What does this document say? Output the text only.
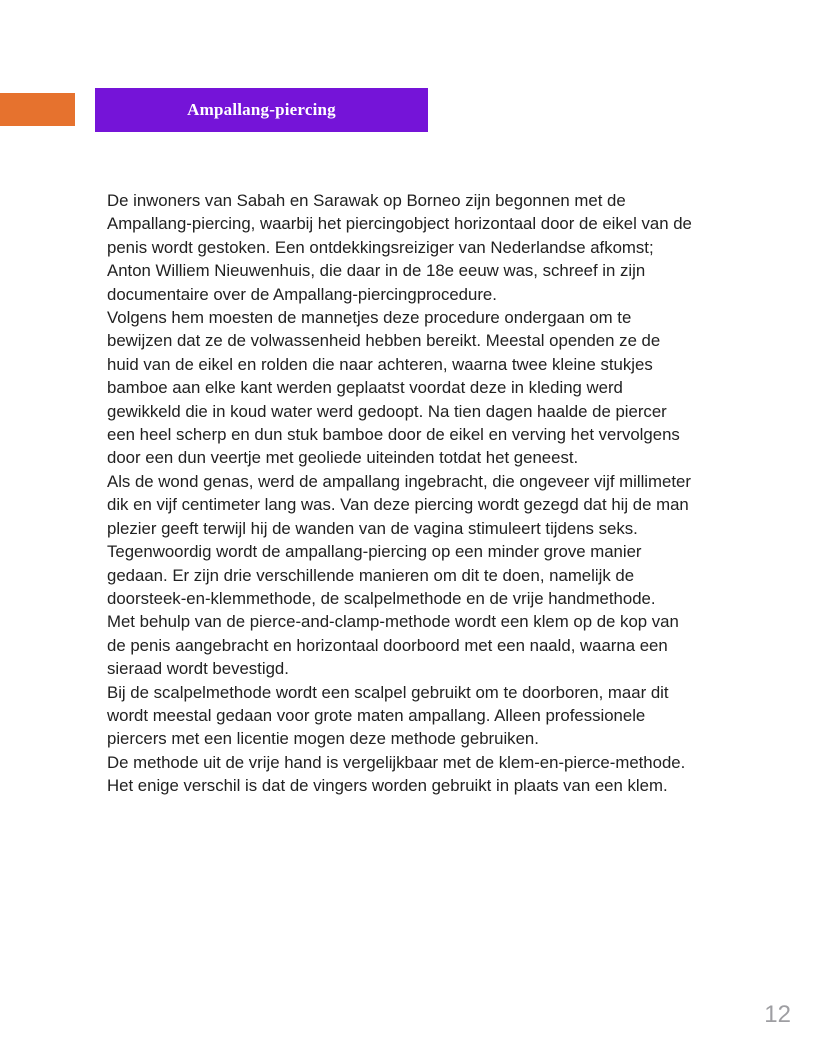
Ampallang-piercing

De inwoners van Sabah en Sarawak op Borneo zijn begonnen met de Ampallang-piercing, waarbij het piercingobject horizontaal door de eikel van de penis wordt gestoken. Een ontdekkingsreiziger van Nederlandse afkomst; Anton Williem Nieuwenhuis, die daar in de 18e eeuw was, schreef in zijn documentaire over de Ampallang-piercingprocedure.

Volgens hem moesten de mannetjes deze procedure ondergaan om te bewijzen dat ze de volwassenheid hebben bereikt. Meestal openden ze de huid van de eikel en rolden die naar achteren, waarna twee kleine stukjes bamboe aan elke kant werden geplaatst voordat deze in kleding werd gewikkeld die in koud water werd gedoopt. Na tien dagen haalde de piercer een heel scherp en dun stuk bamboe door de eikel en verving het vervolgens door een dun veertje met geoliede uiteinden totdat het geneest.

Als de wond genas, werd de ampallang ingebracht, die ongeveer vijf millimeter dik en vijf centimeter lang was. Van deze piercing wordt gezegd dat hij de man plezier geeft terwijl hij de wanden van de vagina stimuleert tijdens seks.

Tegenwoordig wordt de ampallang-piercing op een minder grove manier gedaan. Er zijn drie verschillende manieren om dit te doen, namelijk de doorsteek-en-klemmethode, de scalpelmethode en de vrije handmethode.

Met behulp van de pierce-and-clamp-methode wordt een klem op de kop van de penis aangebracht en horizontaal doorboord met een naald, waarna een sieraad wordt bevestigd.

Bij de scalpelmethode wordt een scalpel gebruikt om te doorboren, maar dit wordt meestal gedaan voor grote maten ampallang. Alleen professionele piercers met een licentie mogen deze methode gebruiken.

De methode uit de vrije hand is vergelijkbaar met de klem-en-pierce-methode. Het enige verschil is dat de vingers worden gebruikt in plaats van een klem.

12
